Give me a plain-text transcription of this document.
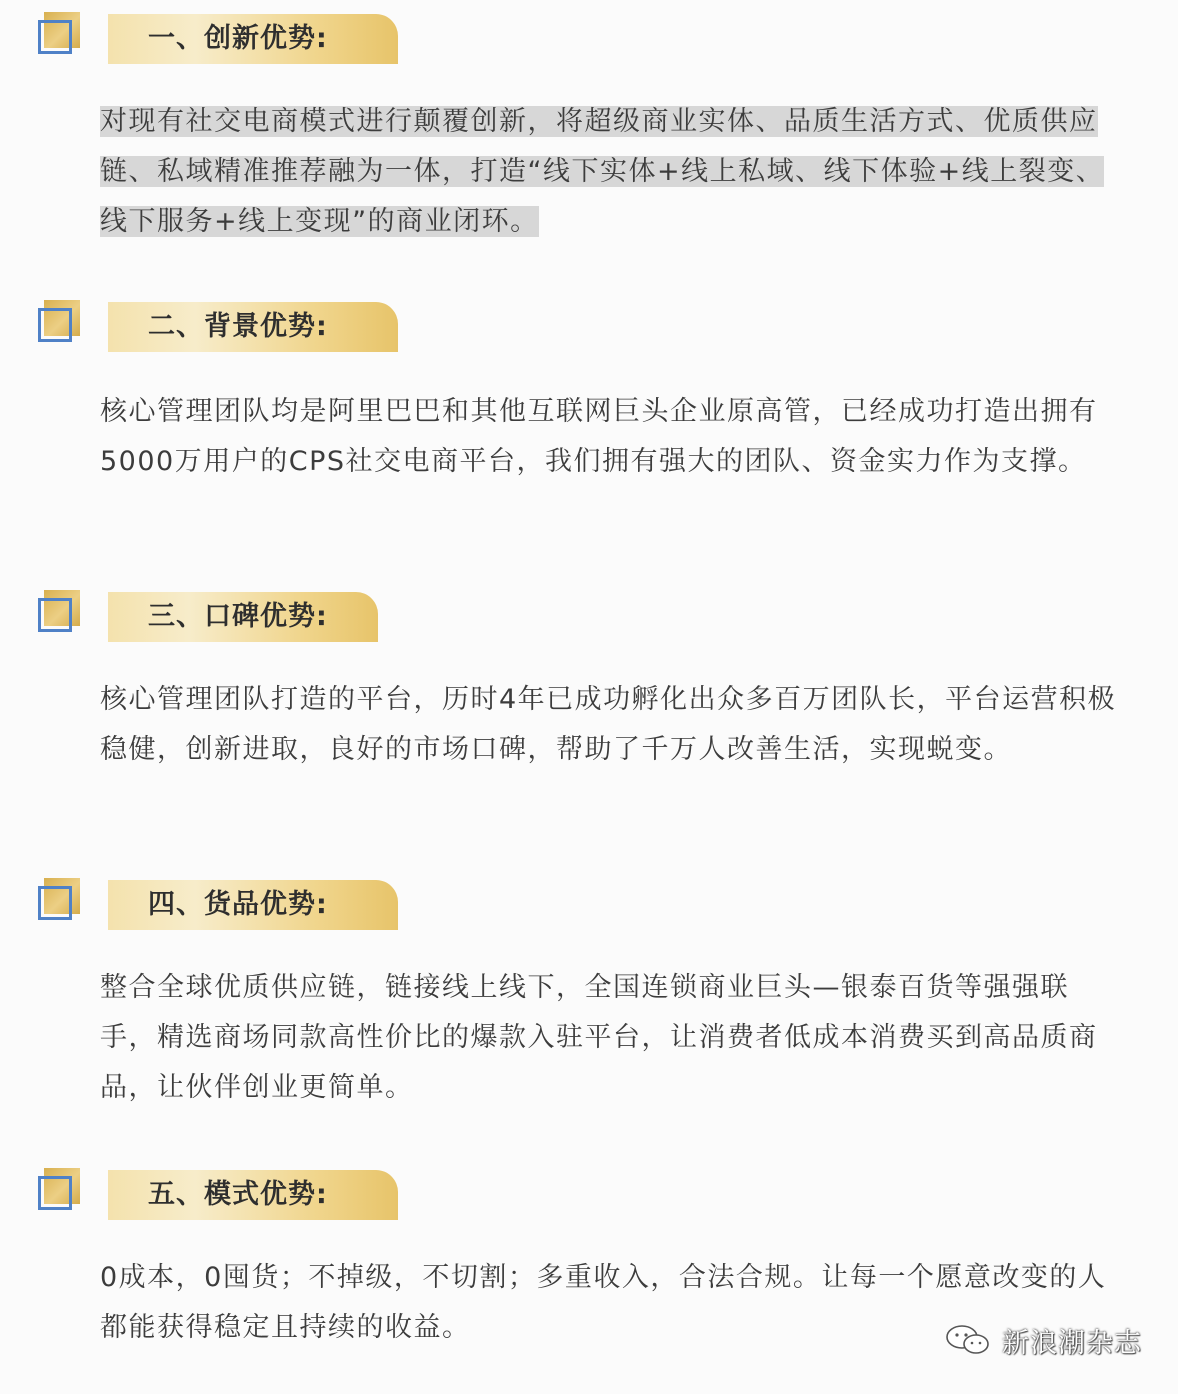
一、创新优势:
对现有社交电商模式进行颠覆创新，将超级商业实体、品质生活方式、优质供应链、私域精准推荐融为一体，打造“线下实体+线上私域、线下体验+线上裂变、线下服务+线上变现”的商业闭环。
二、背景优势:
核心管理团队均是阿里巴巴和其他互联网巨头企业原高管，已经成功打造出拥有5000万用户的CPS社交电商平台，我们拥有强大的团队、资金实力作为支撑。
三、口碑优势:
核心管理团队打造的平台，历时4年已成功孵化出众多百万团队长，平台运营积极稳健，创新进取，良好的市场口碑，帮助了千万人改善生活，实现蜕变。
四、货品优势:
整合全球优质供应链，链接线上线下，全国连锁商业巨头—银泰百货等强强联手，精选商场同款高性价比的爆款入驻平台，让消费者低成本消费买到高品质商品，让伙伴创业更简单。
五、模式优势:
0成本，0囤货；不掉级，不切割；多重收入，合法合规。让每一个愿意改变的人都能获得稳定且持续的收益。	新浪潮杂志
